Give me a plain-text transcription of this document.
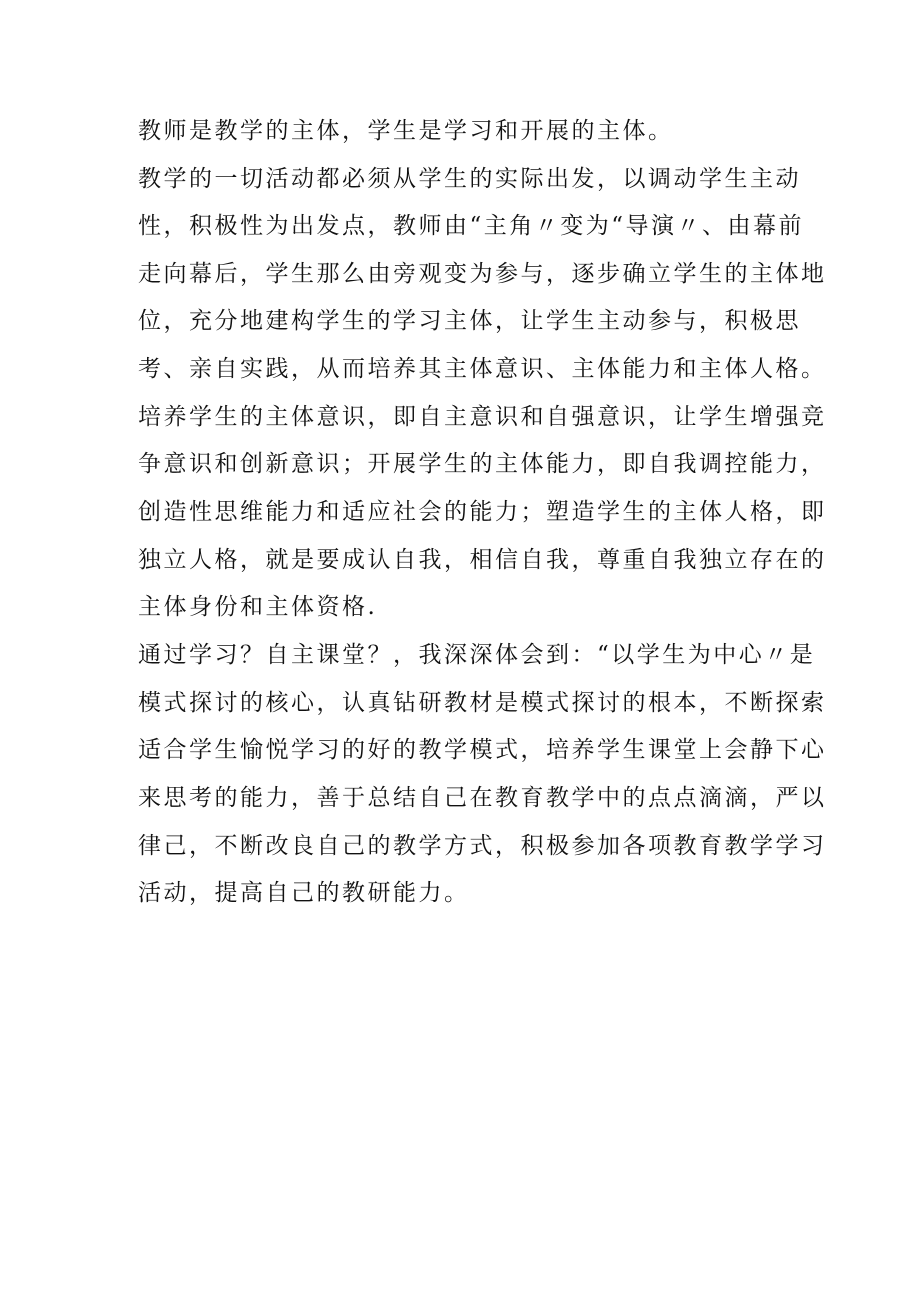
教师是教学的主体，学生是学习和开展的主体。
教学的一切活动都必须从学生的实际出发，以调动学生主动
性，积极性为出发点，教师由“主角〃变为“导演〃、由幕前
走向幕后，学生那么由旁观变为参与，逐步确立学生的主体地
位，充分地建构学生的学习主体，让学生主动参与，积极思
考、亲自实践，从而培养其主体意识、主体能力和主体人格。
培养学生的主体意识，即自主意识和自强意识，让学生增强竞
争意识和创新意识；开展学生的主体能力，即自我调控能力，
创造性思维能力和适应社会的能力；塑造学生的主体人格，即
独立人格，就是要成认自我，相信自我，尊重自我独立存在的
主体身份和主体资格.
通过学习？自主课堂？，我深深体会到：“以学生为中心〃是
模式探讨的核心，认真钻研教材是模式探讨的根本，不断探索
适合学生愉悦学习的好的教学模式，培养学生课堂上会静下心
来思考的能力，善于总结自己在教育教学中的点点滴滴，严以
律己，不断改良自己的教学方式，积极参加各项教育教学学习
活动，提高自己的教研能力。
